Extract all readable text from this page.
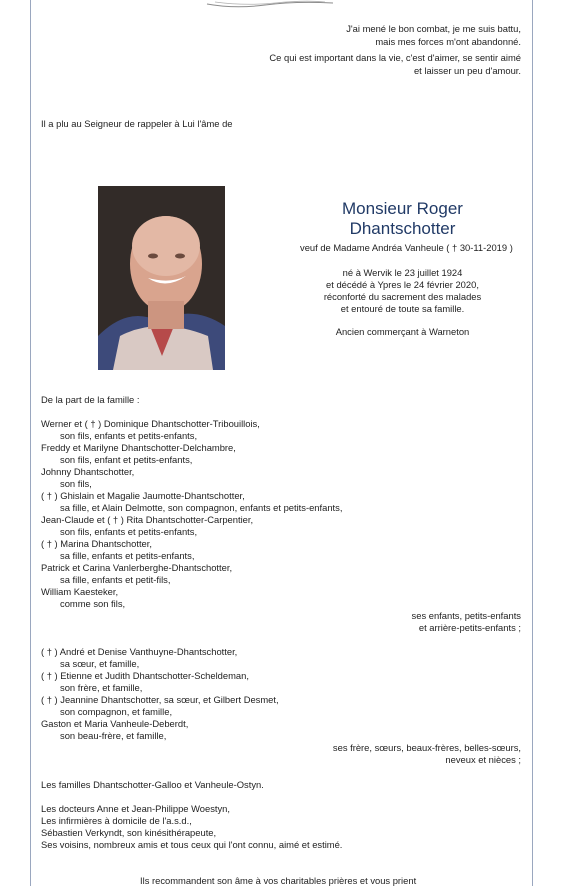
J'ai mené le bon combat, je me suis battu,
mais mes forces m'ont abandonné.
Ce qui est important dans la vie, c'est d'aimer, se sentir aimé
et laisser un peu d'amour.
Il a plu au Seigneur de rappeler à Lui l'âme de
Monsieur Roger
Dhantschotter
veuf de Madame Andréa Vanheule ( † 30-11-2019 )
né à Wervik le 23 juillet 1924
et décédé à Ypres le 24 février 2020,
réconforté du sacrement des malades
et entouré de toute sa famille.
Ancien commerçant à Warneton
De la part de la famille :
Werner et ( † ) Dominique Dhantschotter-Tribouillois,
son fils, enfants et petits-enfants,
Freddy et Marilyne Dhantschotter-Delchambre,
son fils, enfant et petits-enfants,
Johnny Dhantschotter,
son fils,
( † ) Ghislain et Magalie Jaumotte-Dhantschotter,
sa fille, et Alain Delmotte, son compagnon, enfants et petits-enfants,
Jean-Claude et ( † ) Rita Dhantschotter-Carpentier,
son fils, enfants et petits-enfants,
( † ) Marina Dhantschotter,
sa fille, enfants et petits-enfants,
Patrick et Carina Vanlerberghe-Dhantschotter,
sa fille, enfants et petit-fils,
William Kaesteker,
comme son fils,
ses enfants, petits-enfants
et arrière-petits-enfants ;
( † ) André et Denise Vanthuyne-Dhantschotter,
sa sœur, et famille,
( † ) Etienne et Judith Dhantschotter-Scheldeman,
son frère, et famille,
( † ) Jeannine Dhantschotter, sa sœur, et Gilbert Desmet,
son compagnon, et famille,
Gaston et Maria Vanheule-Deberdt,
son beau-frère, et famille,
ses frère, sœurs, beaux-frères, belles-sœurs,
neveux et nièces ;
Les familles Dhantschotter-Galloo et Vanheule-Ostyn.
Les docteurs Anne et Jean-Philippe Woestyn,
Les infirmières à domicile de l'a.s.d.,
Sébastien Verkyndt, son kinésithérapeute,
Ses voisins, nombreux amis et tous ceux qui l'ont connu, aimé et estimé.
Ils recommandent son âme à vos charitables prières et vous prient
